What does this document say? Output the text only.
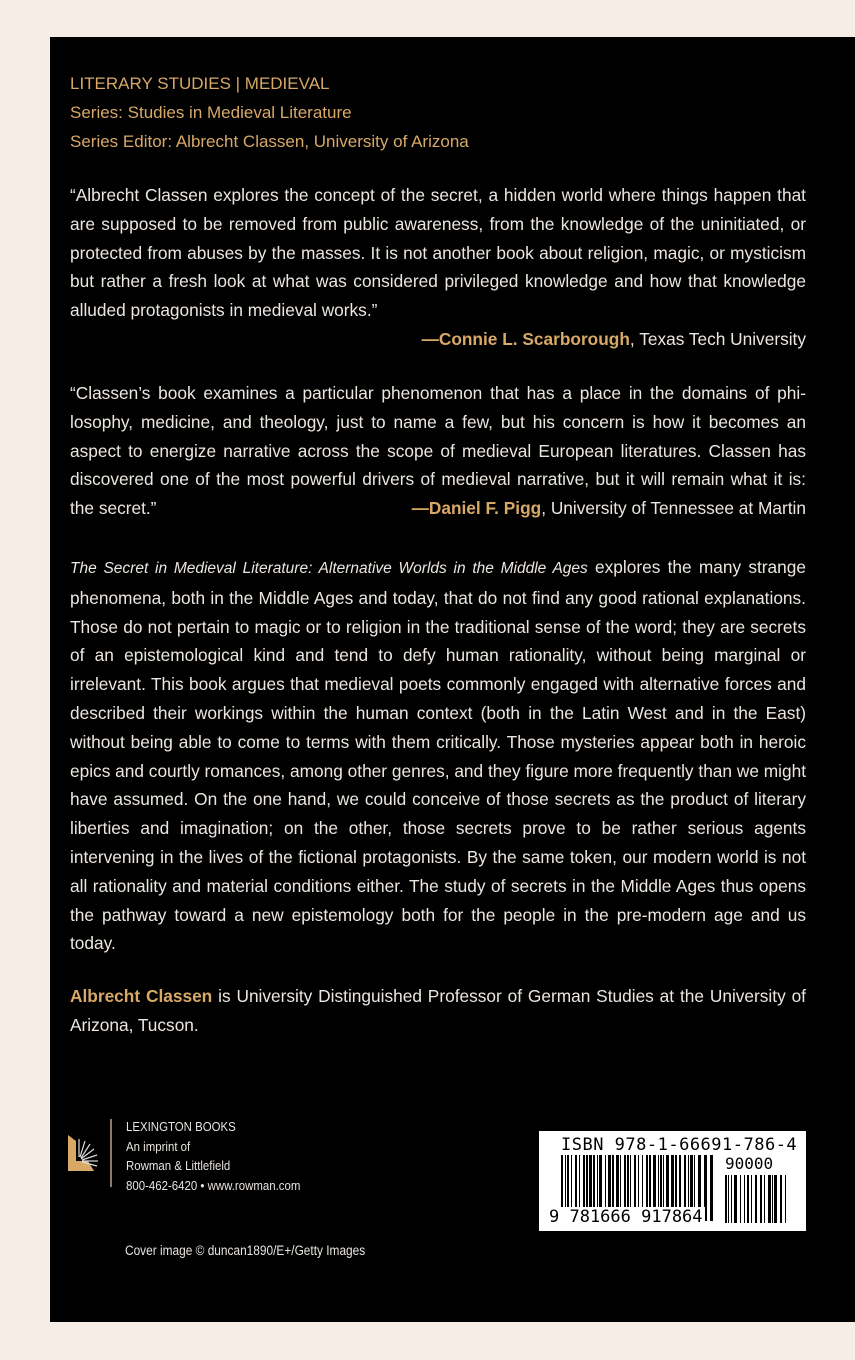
LITERARY STUDIES | MEDIEVAL
Series: Studies in Medieval Literature
Series Editor: Albrecht Classen, University of Arizona
“Albrecht Classen explores the concept of the secret, a hidden world where things happen that are supposed to be removed from public awareness, from the knowledge of the uninitiated, or protected from abuses by the masses. It is not another book about religion, magic, or mysticism but rather a fresh look at what was considered privileged knowledge and how that knowledge alluded protagonists in medieval works.”
—Connie L. Scarborough, Texas Tech University
“Classen’s book examines a particular phenomenon that has a place in the domains of philosophy, medicine, and theology, just to name a few, but his concern is how it becomes an aspect to energize narrative across the scope of medieval European literatures. Classen has discovered one of the most powerful drivers of medieval narrative, but it will remain what it is: the secret.”	—Daniel F. Pigg, University of Tennessee at Martin
The Secret in Medieval Literature: Alternative Worlds in the Middle Ages explores the many strange phenomena, both in the Middle Ages and today, that do not find any good rational explanations. Those do not pertain to magic or to religion in the traditional sense of the word; they are secrets of an epistemological kind and tend to defy human rationality, without being marginal or irrelevant. This book argues that medieval poets commonly engaged with alternative forces and described their workings within the human context (both in the Latin West and in the East) without being able to come to terms with them critically. Those mysteries appear both in heroic epics and courtly romances, among other genres, and they figure more frequently than we might have assumed. On the one hand, we could conceive of those secrets as the product of literary liberties and imagination; on the other, those secrets prove to be rather serious agents intervening in the lives of the fictional protagonists. By the same token, our modern world is not all rationality and material conditions either. The study of secrets in the Middle Ages thus opens the pathway toward a new epistemology both for the people in the pre-modern age and us today.
Albrecht Classen is University Distinguished Professor of German Studies at the University of Arizona, Tucson.
LEXINGTON BOOKS
An imprint of
Rowman & Littlefield
800-462-6420 • www.rowman.com
Cover image © duncan1890/E+/Getty Images
ISBN 978-1-66691-786-4
90000
9 781666 917864
